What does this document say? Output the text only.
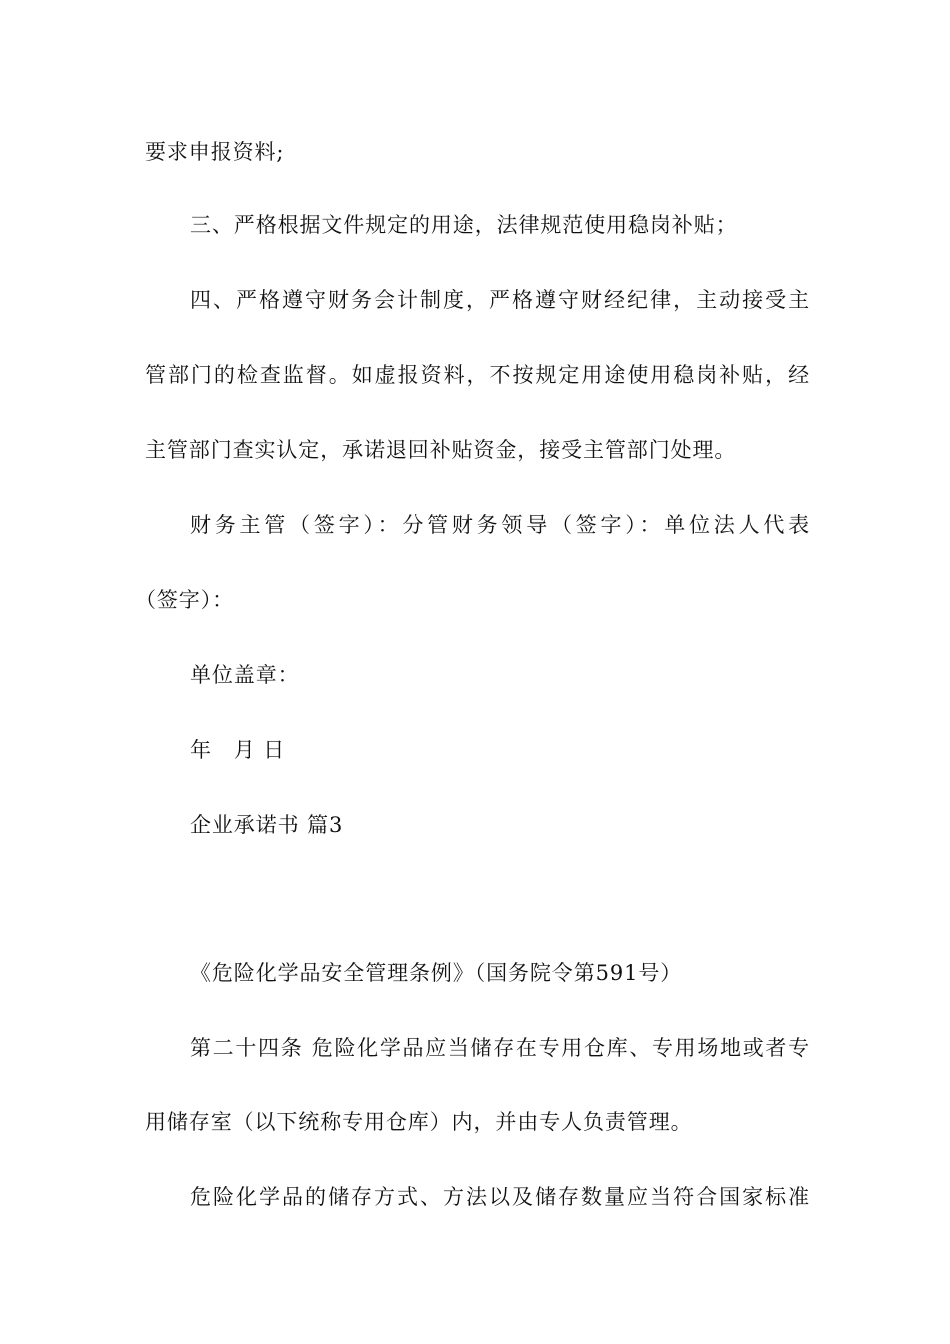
要求申报资料;
三、严格根据文件规定的用途，法律规范使用稳岗补贴；
四、严格遵守财务会计制度，严格遵守财经纪律，主动接受主
管部门的检查监督。如虚报资料，不按规定用途使用稳岗补贴，经
主管部门查实认定，承诺退回补贴资金，接受主管部门处理。
财务主管（签字）：分管财务领导（签字）：单位法人代表
（签字）：
单位盖章：
年　月 日
企业承诺书 篇3
《危险化学品安全管理条例》（国务院令第591号）
第二十四条 危险化学品应当储存在专用仓库、专用场地或者专
用储存室（以下统称专用仓库）内，并由专人负责管理。
危险化学品的储存方式、方法以及储存数量应当符合国家标准
